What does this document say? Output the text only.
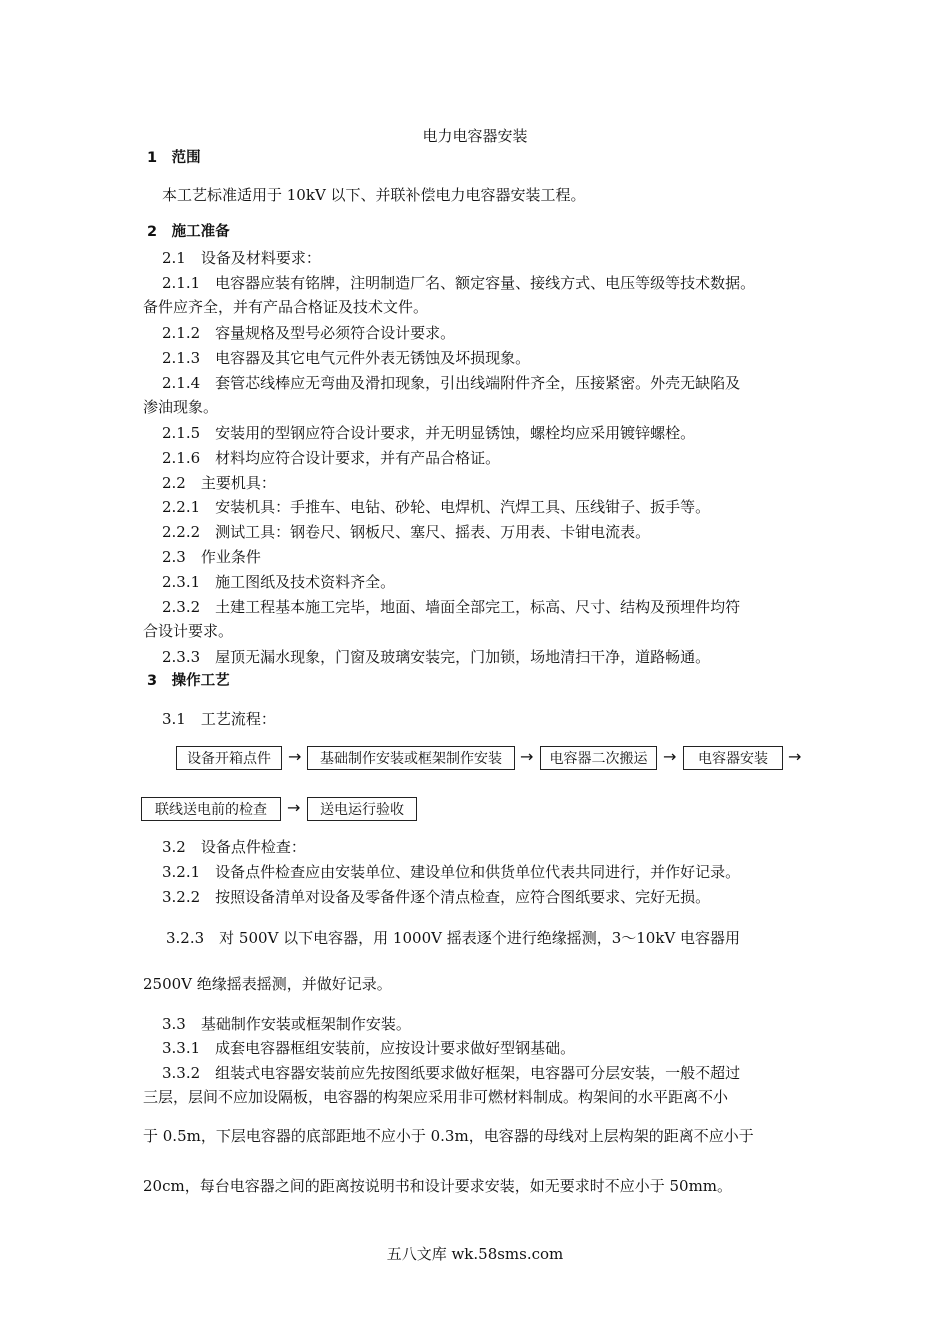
电力电容器安装
1　范围
本工艺标准适用于 10kV 以下、并联补偿电力电容器安装工程。
2　施工准备
2.1　设备及材料要求：
2.1.1　电容器应装有铭牌，注明制造厂名、额定容量、接线方式、电压等级等技术数据。
备件应齐全，并有产品合格证及技术文件。
2.1.2　容量规格及型号必须符合设计要求。
2.1.3　电容器及其它电气元件外表无锈蚀及坏损现象。
2.1.4　套管芯线棒应无弯曲及滑扣现象，引出线端附件齐全，压接紧密。外壳无缺陷及
渗油现象。
2.1.5　安装用的型钢应符合设计要求，并无明显锈蚀，螺栓均应采用镀锌螺栓。
2.1.6　材料均应符合设计要求，并有产品合格证。
2.2　主要机具：
2.2.1　安装机具：手推车、电钻、砂轮、电焊机、汽焊工具、压线钳子、扳手等。
2.2.2　测试工具：钢卷尺、钢板尺、塞尺、摇表、万用表、卡钳电流表。
2.3　作业条件
2.3.1　施工图纸及技术资料齐全。
2.3.2　土建工程基本施工完毕，地面、墙面全部完工，标高、尺寸、结构及预埋件均符
合设计要求。
2.3.3　屋顶无漏水现象，门窗及玻璃安装完，门加锁，场地清扫干净，道路畅通。
3　操作工艺
3.1　工艺流程：
设备开箱点件	→	基础制作安装或框架制作安装	→	电容器二次搬运 →	电容器安装	→
联线送电前的检查	→	送电运行验收
3.2　设备点件检查：
3.2.1　设备点件检查应由安装单位、建设单位和供货单位代表共同进行，并作好记录。
3.2.2　按照设备清单对设备及零备件逐个清点检查，应符合图纸要求、完好无损。
3.2.3　对 500V 以下电容器，用 1000V 摇表逐个进行绝缘摇测，3～10kV 电容器用
2500V 绝缘摇表摇测，并做好记录。
3.3　基础制作安装或框架制作安装。
3.3.1　成套电容器框组安装前，应按设计要求做好型钢基础。
3.3.2　组装式电容器安装前应先按图纸要求做好框架，电容器可分层安装，一般不超过
三层，层间不应加设隔板，电容器的构架应采用非可燃材料制成。构架间的水平距离不小
于 0.5m，下层电容器的底部距地不应小于 0.3m，电容器的母线对上层构架的距离不应小于
20cm，每台电容器之间的距离按说明书和设计要求安装，如无要求时不应小于 50mm。
五八文库 wk.58sms.com
